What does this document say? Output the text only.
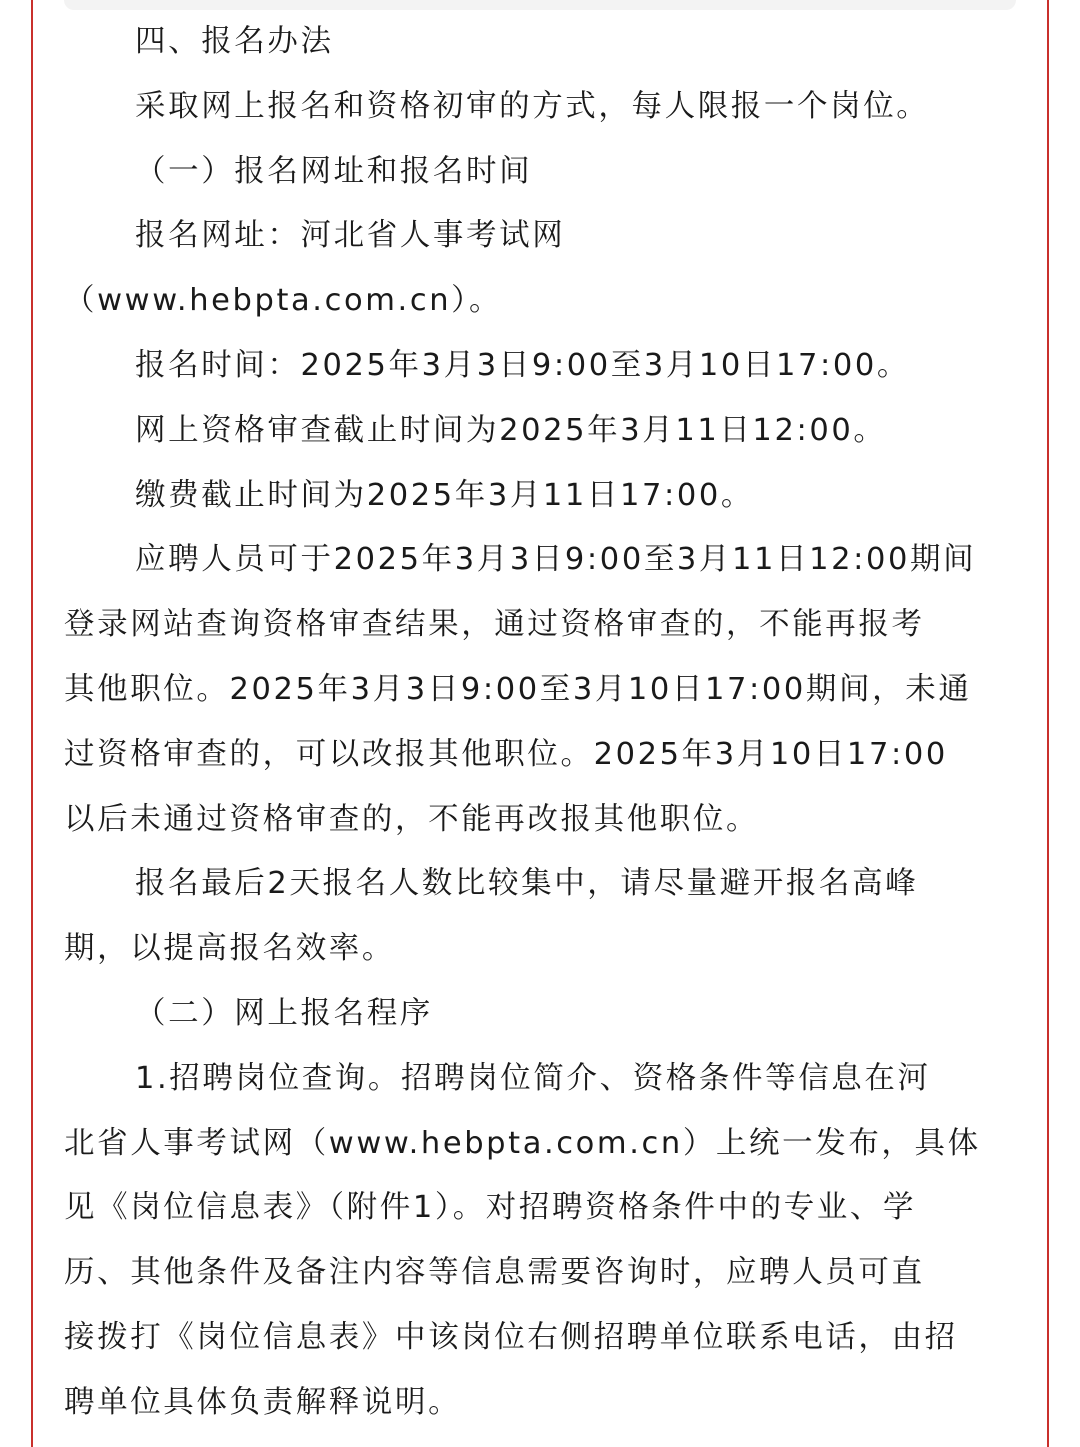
四、报名办法
采取网上报名和资格初审的方式，每人限报一个岗位。
（一）报名网址和报名时间
报名网址：河北省人事考试网
（www.hebpta.com.cn）。
报名时间：2025年3月3日9:00至3月10日17:00。
网上资格审查截止时间为2025年3月11日12:00。
缴费截止时间为2025年3月11日17:00。
应聘人员可于2025年3月3日9:00至3月11日12:00期间
登录网站查询资格审查结果，通过资格审查的，不能再报考
其他职位。2025年3月3日9:00至3月10日17:00期间，未通
过资格审查的，可以改报其他职位。2025年3月10日17:00
以后未通过资格审查的，不能再改报其他职位。
报名最后2天报名人数比较集中，请尽量避开报名高峰
期，以提高报名效率。
（二）网上报名程序
1.招聘岗位查询。招聘岗位简介、资格条件等信息在河
北省人事考试网（www.hebpta.com.cn）上统一发布，具体
见《岗位信息表》（附件1）。对招聘资格条件中的专业、学
历、其他条件及备注内容等信息需要咨询时，应聘人员可直
接拨打《岗位信息表》中该岗位右侧招聘单位联系电话，由招
聘单位具体负责解释说明。
